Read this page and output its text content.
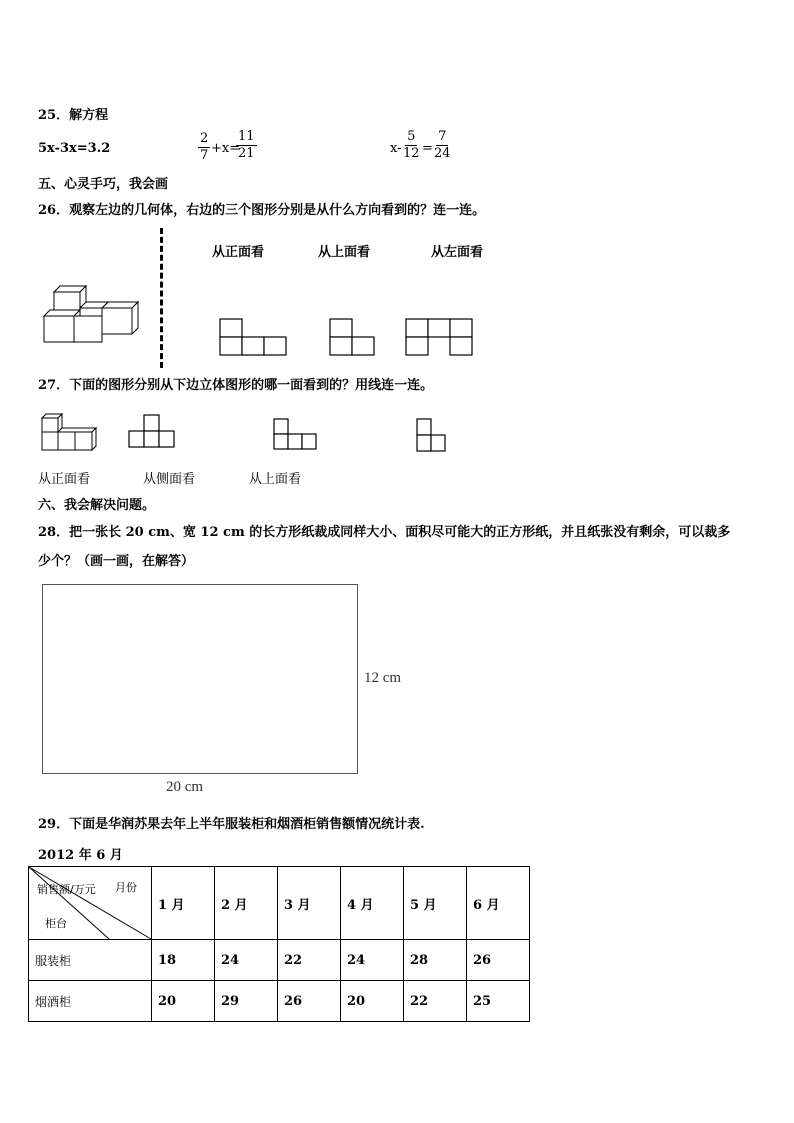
25．解方程
5x-3x=3.2	$\frac{2}{7} +x=$
$\frac{11}{21}$	$x- \frac{5}{12} = \frac{7}{24}$
五、心灵手巧，我会画
26．观察左边的几何体，右边的三个图形分别是从什么方向看到的？连一连。
从正面看	从上面看	从左面看
27．下面的图形分别从下边立体图形的哪一面看到的？用线连一连。
从正面看	从侧面看	从上面看
六、我会解决问题。
28．把一张长 20 cm、宽 12 cm 的长方形纸裁成同样大小、面积尽可能大的正方形纸，并且纸张没有剩余，可以裁多
少个？（画一画，在解答）
12 cm
20 cm
29．下面是华润苏果去年上半年服装柜和烟酒柜销售额情况统计表.
2012 年 6 月
销售额/万元 月份
柜台	1 月	2 月	3 月	4 月	5 月	6 月
服装柜	18	24	22	24	28	26
烟酒柜	20	29	26	20	22	25
